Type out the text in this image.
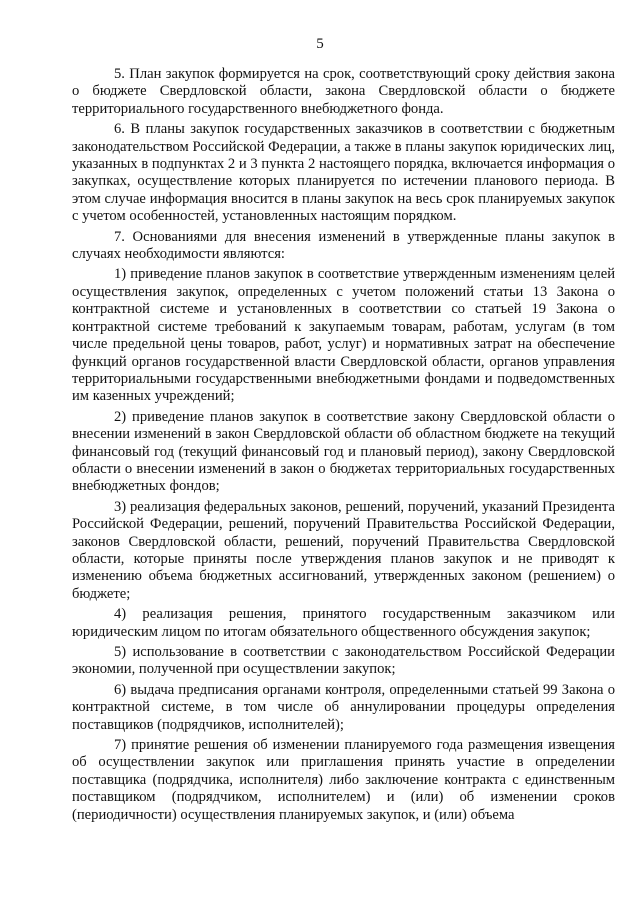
5

5. План закупок формируется на срок, соответствующий сроку действия закона о бюджете Свердловской области, закона Свердловской области о бюджете территориального государственного внебюджетного фонда.

6. В планы закупок государственных заказчиков в соответствии с бюджетным законодательством Российской Федерации, а также в планы закупок юридических лиц, указанных в подпунктах 2 и 3 пункта 2 настоящего порядка, включается информация о закупках, осуществление которых планируется по истечении планового периода. В этом случае информация вносится в планы закупок на весь срок планируемых закупок с учетом особенностей, установленных настоящим порядком.

7. Основаниями для внесения изменений в утвержденные планы закупок в случаях необходимости являются:

1) приведение планов закупок в соответствие утвержденным изменениям целей осуществления закупок, определенных с учетом положений статьи 13 Закона о контрактной системе и установленных в соответствии со статьей 19 Закона о контрактной системе требований к закупаемым товарам, работам, услугам (в том числе предельной цены товаров, работ, услуг) и нормативных затрат на обеспечение функций органов государственной власти Свердловской области, органов управления территориальными государственными внебюджетными фондами и подведомственных им казенных учреждений;

2) приведение планов закупок в соответствие закону Свердловской области о внесении изменений в закон Свердловской области об областном бюджете на текущий финансовый год (текущий финансовый год и плановый период), закону Свердловской области о внесении изменений в закон о бюджетах территориальных государственных внебюджетных фондов;

3) реализация федеральных законов, решений, поручений, указаний Президента Российской Федерации, решений, поручений Правительства Российской Федерации, законов Свердловской области, решений, поручений Правительства Свердловской области, которые приняты после утверждения планов закупок и не приводят к изменению объема бюджетных ассигнований, утвержденных законом (решением) о бюджете;

4) реализация решения, принятого государственным заказчиком или юридическим лицом по итогам обязательного общественного обсуждения закупок;

5) использование в соответствии с законодательством Российской Федерации экономии, полученной при осуществлении закупок;

6) выдача предписания органами контроля, определенными статьей 99 Закона о контрактной системе, в том числе об аннулировании процедуры определения поставщиков (подрядчиков, исполнителей);

7) принятие решения об изменении планируемого года размещения извещения об осуществлении закупок или приглашения принять участие в определении поставщика (подрядчика, исполнителя) либо заключение контракта с единственным поставщиком (подрядчиком, исполнителем) и (или) об изменении сроков (периодичности) осуществления планируемых закупок, и (или) объема
